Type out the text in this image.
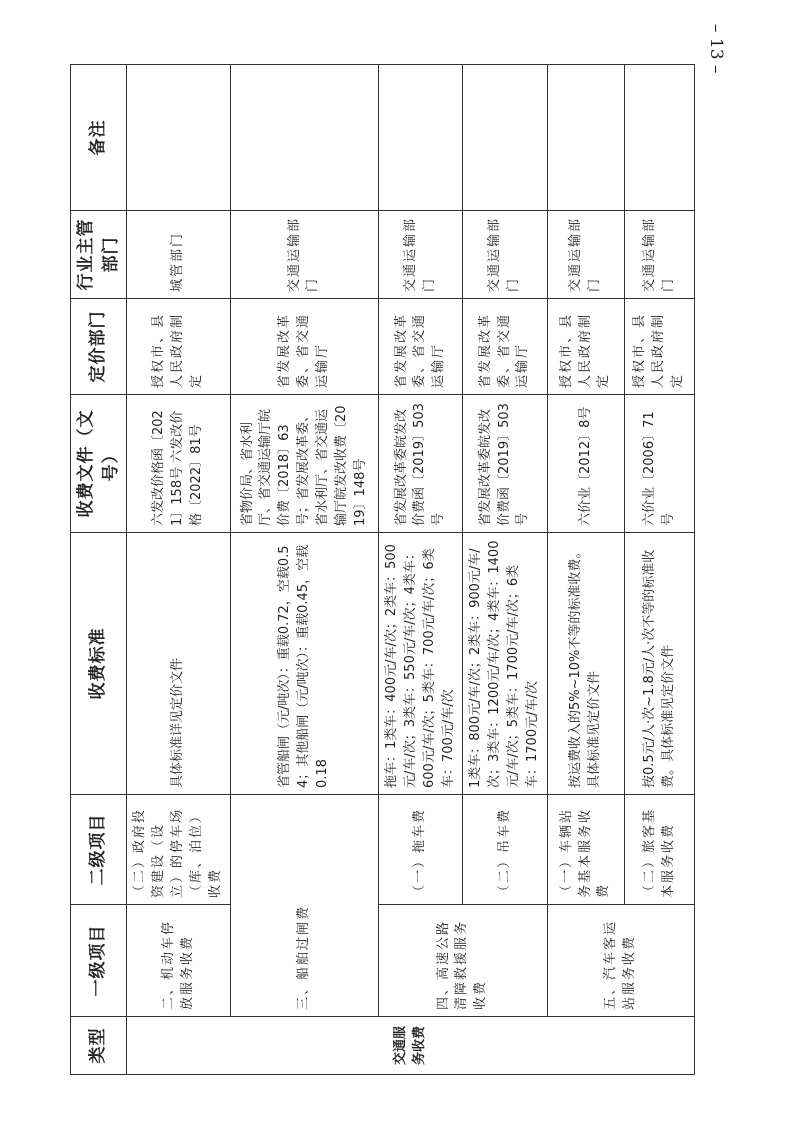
– 13 –
类型	一级项目	二级项目	收费标准	收费文件（文号）	定价部门	行业主管部门	备注
交通服务收费	二、机动车停放服务收费	（二）政府投资建设（设立）的停车场（库、泊位）收费	具体标准详见定价文件	六发改价格函〔2021〕158号 六发改价格〔2022〕81号	授权市、县人民政府制定	城管部门	
	三、船舶过闸费		省管船闸（元/吨次）：重载0.72，空载0.54；其他船闸（元/吨次）：重载0.45，空载0.18	省物价局、省水利厅、省交通运输厅皖价费〔2018〕63号；省发展改革委、省水利厅、省交通运输厅皖发改收费〔2019〕148号	省发展改革委、省交通运输厅	交通运输部门	
	四、高速公路清障救援服务收费	（一）拖车费	拖车：1类车：400元/车/次；2类车：500元/车/次；3类车：550元/车/次；4类车：600元/车/次；5类车：700元/车/次；6类车：700元/车/次	省发展改革委皖发改价费函〔2019〕503号	省发展改革委、省交通运输厅	交通运输部门	
		（二）吊车费	1类车：800元/车/次；2类车：900元/车/次；3类车：1200元/车/次；4类车：1400元/车/次；5类车：1700元/车/次；6类车：1700元/车/次	省发展改革委皖发改价费函〔2019〕503号	省发展改革委、省交通运输厅	交通运输部门	
	五、汽车客运站服务收费	（一）车辆站务基本服务收费	按运费收入的5%~10%不等的标准收费。具体标准见定价文件	六价业〔2012〕8号	授权市、县人民政府制定	交通运输部门	
		（二）旅客基本服务收费	按0.5元/人·次~1.8元/人·次不等的标准收费。具体标准见定价文件	六价业〔2006〕71号	授权市、县人民政府制定	交通运输部门	
